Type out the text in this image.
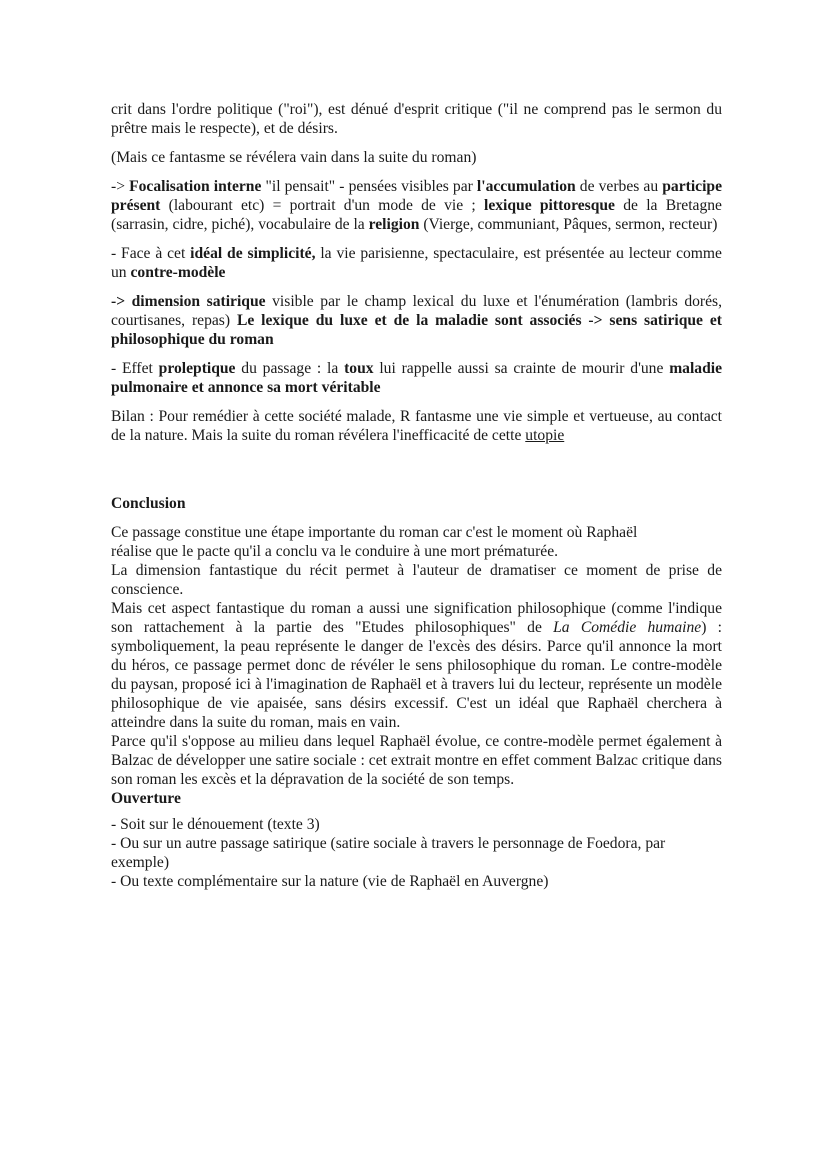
crit dans l'ordre politique ("roi"), est dénué d'esprit critique ("il ne comprend pas le sermon du prêtre mais le respecte), et de désirs.

(Mais ce fantasme se révélera vain dans la suite du roman)

-> Focalisation interne "il pensait" - pensées visibles par l'accumulation de verbes au participe présent (labourant etc) = portrait d'un mode de vie ; lexique pittoresque de la Bretagne (sarrasin, cidre, piché), vocabulaire de la religion (Vierge, communiant, Pâques, sermon, recteur)

- Face à cet idéal de simplicité, la vie parisienne, spectaculaire, est présentée au lecteur comme un contre-modèle

-> dimension satirique visible par le champ lexical du luxe et l'énumération (lambris dorés, courtisanes, repas) Le lexique du luxe et de la maladie sont associés -> sens satirique et philosophique du roman

- Effet proleptique du passage : la toux lui rappelle aussi sa crainte de mourir d'une maladie pulmonaire et annonce sa mort véritable

Bilan : Pour remédier à cette société malade, R fantasme une vie simple et vertueuse, au contact de la nature. Mais la suite du roman révélera l'inefficacité de cette utopie

Conclusion

Ce passage constitue une étape importante du roman car c'est le moment où Raphaël

réalise que le pacte qu'il a conclu va le conduire à une mort prématurée.

La dimension fantastique du récit permet à l'auteur de dramatiser ce moment de prise de conscience.

Mais cet aspect fantastique du roman a aussi une signification philosophique (comme l'indique son rattachement à la partie des "Etudes philosophiques" de La Comédie humaine) : symboliquement, la peau représente le danger de l'excès des désirs. Parce qu'il annonce la mort du héros, ce passage permet donc de révéler le sens philosophique du roman. Le contre-modèle du paysan, proposé ici à l'imagination de Raphaël et à travers lui du lecteur, représente un modèle philosophique de vie apaisée, sans désirs excessif. C'est un idéal que Raphaël cherchera à atteindre dans la suite du roman, mais en vain.

Parce qu'il s'oppose au milieu dans lequel Raphaël évolue, ce contre-modèle permet également à Balzac de développer une satire sociale : cet extrait montre en effet comment Balzac critique dans son roman les excès et la dépravation de la société de son temps.

Ouverture

- Soit sur le dénouement (texte 3)

- Ou sur un autre passage satirique (satire sociale à travers le personnage de Foedora, par exemple)

- Ou texte complémentaire sur la nature (vie de Raphaël en Auvergne)
